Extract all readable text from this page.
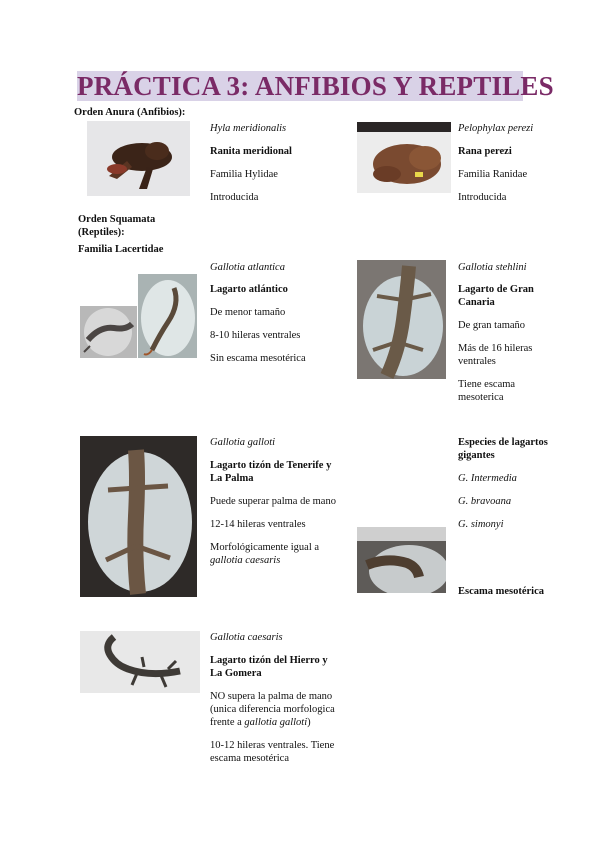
PRÁCTICA 3: ANFIBIOS Y REPTILES
Orden Anura (Anfibios):
Hyla meridionalis
Ranita meridional
Familia Hylidae
Introducida
Pelophylax perezi
Rana perezi
Familia Ranidae
Introducida
Orden Squamata
(Reptiles):
Familia Lacertidae
Gallotia atlantica
Lagarto atlántico
De menor tamaño
8-10 hileras ventrales
Sin escama mesotérica
Gallotia stehlini
Lagarto de Gran
Canaria
De gran tamaño
Más de 16 hileras
ventrales
Tiene escama
mesoterica
Gallotia galloti
Lagarto tizón de Tenerife y
La Palma
Puede superar palma de mano
12-14 hileras ventrales
Morfológicamente igual a
gallotia caesaris
Especies de lagartos
gigantes
G. Intermedia
G. bravoana
G. simonyi
Escama mesotérica
Gallotia caesaris
Lagarto tizón del Hierro y
La Gomera
NO supera la palma de mano
(unica diferencia morfologica
frente a gallotia galloti)
10-12 hileras ventrales. Tiene
escama mesotérica
